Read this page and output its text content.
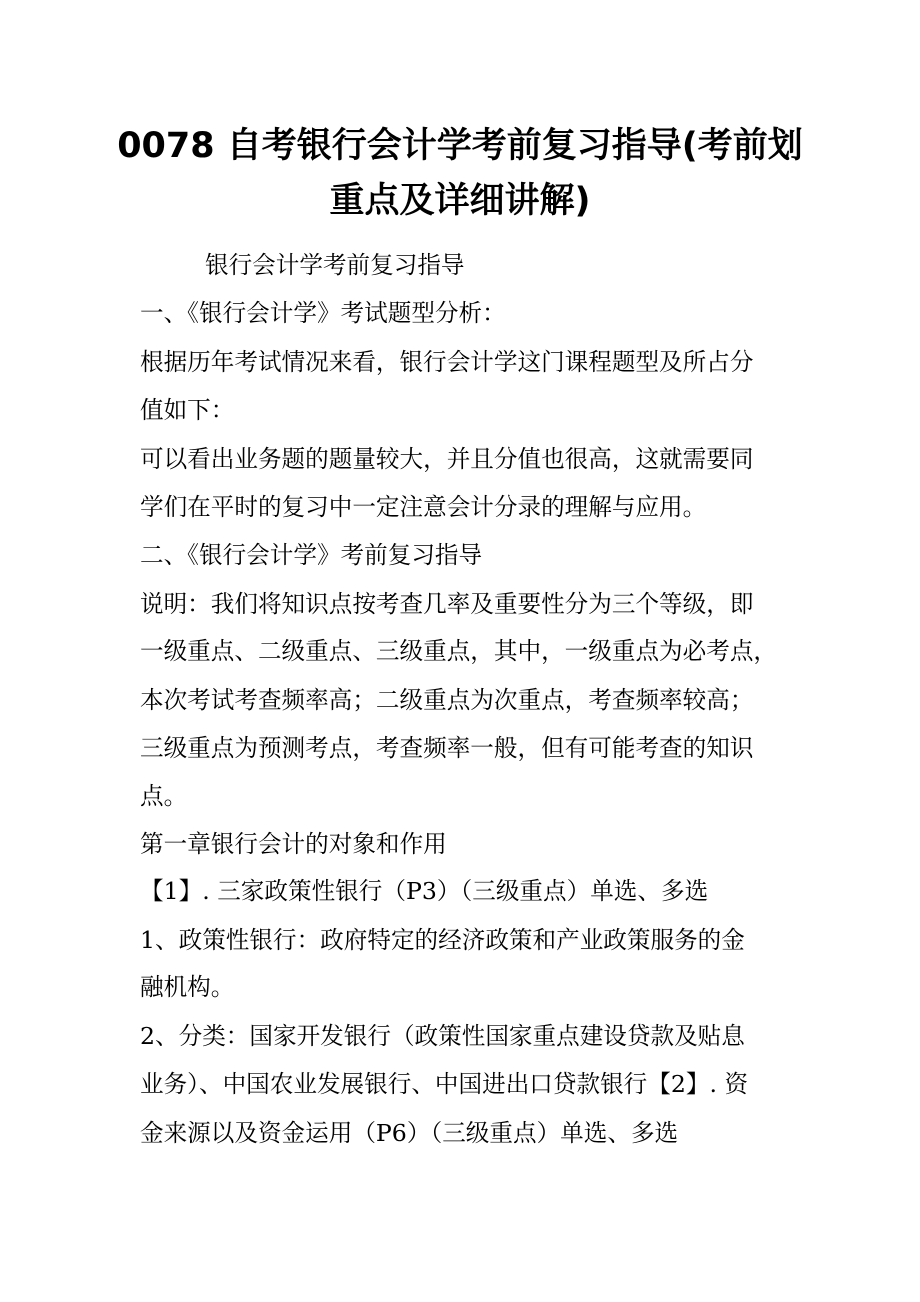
0078 自考银行会计学考前复习指导(考前划
重点及详细讲解)
银行会计学考前复习指导
一、《银行会计学》考试题型分析：
根据历年考试情况来看，银行会计学这门课程题型及所占分
值如下：
可以看出业务题的题量较大，并且分值也很高，这就需要同
学们在平时的复习中一定注意会计分录的理解与应用。
二、《银行会计学》考前复习指导
说明：我们将知识点按考查几率及重要性分为三个等级，即
一级重点、二级重点、三级重点，其中，一级重点为必考点，
本次考试考查频率高；二级重点为次重点，考查频率较高；
三级重点为预测考点，考查频率一般，但有可能考查的知识
点。
第一章银行会计的对象和作用
【1】. 三家政策性银行（P3）（三级重点）单选、多选
1、政策性银行：政府特定的经济政策和产业政策服务的金
融机构。
2、分类：国家开发银行（政策性国家重点建设贷款及贴息
业务）、中国农业发展银行、中国进出口贷款银行【2】. 资
金来源以及资金运用（P6）（三级重点）单选、多选
